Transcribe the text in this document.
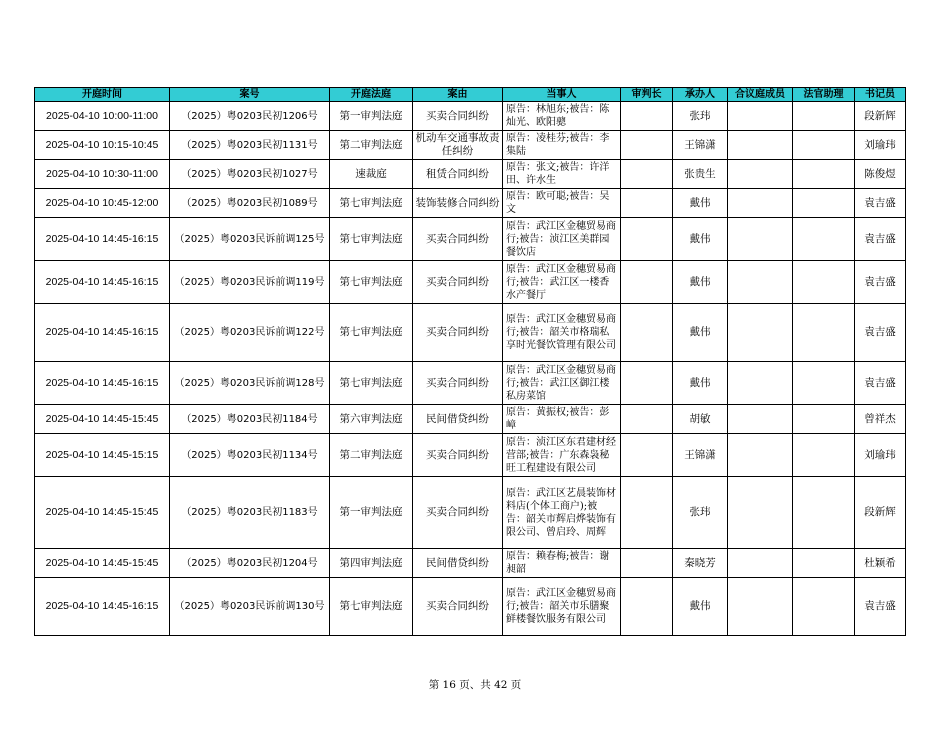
开庭时间	案号	开庭法庭	案由	当事人	审判长	承办人	合议庭成员	法官助理	书记员
2025-04-10 10:00-11:00	（2025）粤0203民初1206号	第一审判法庭	买卖合同纠纷	原告：林旭东;被告：陈灿光、欧阳骢		张玮			段新辉
2025-04-10 10:15-10:45	（2025）粤0203民初1131号	第二审判法庭	机动车交通事故责任纠纷	原告：凌桂芬;被告：李集陆		王锦潇			刘瑜玮
2025-04-10 10:30-11:00	（2025）粤0203民初1027号	速裁庭	租赁合同纠纷	原告：张文;被告：许洋田、许水生		张贵生			陈俊煜
2025-04-10 10:45-12:00	（2025）粤0203民初1089号	第七审判法庭	装饰装修合同纠纷	原告：欧可聪;被告：吴文		戴伟			袁吉盛
2025-04-10 14:45-16:15	（2025）粤0203民诉前调125号	第七审判法庭	买卖合同纠纷	原告：武江区金穗贸易商行;被告：浈江区美群园餐饮店		戴伟			袁吉盛
2025-04-10 14:45-16:15	（2025）粤0203民诉前调119号	第七审判法庭	买卖合同纠纷	原告：武江区金穗贸易商行;被告：武江区一楼香水产餐厅		戴伟			袁吉盛
2025-04-10 14:45-16:15	（2025）粤0203民诉前调122号	第七审判法庭	买卖合同纠纷	原告：武江区金穗贸易商行;被告：韶关市格瑞私享时光餐饮管理有限公司		戴伟			袁吉盛
2025-04-10 14:45-16:15	（2025）粤0203民诉前调128号	第七审判法庭	买卖合同纠纷	原告：武江区金穗贸易商行;被告：武江区御江楼私房菜馆		戴伟			袁吉盛
2025-04-10 14:45-15:45	（2025）粤0203民初1184号	第六审判法庭	民间借贷纠纷	原告：黄振权;被告：彭嶂		胡敏			曾祥杰
2025-04-10 14:45-15:15	（2025）粤0203民初1134号	第二审判法庭	买卖合同纠纷	原告：浈江区东君建材经营部;被告：广东森袅秘旺工程建设有限公司		王锦潇			刘瑜玮
2025-04-10 14:45-15:45	（2025）粤0203民初1183号	第一审判法庭	买卖合同纠纷	原告：武江区艺晨装饰材料店(个体工商户);被告：韶关市辉启烨装饰有限公司、曾启玲、周辉		张玮			段新辉
2025-04-10 14:45-15:45	（2025）粤0203民初1204号	第四审判法庭	民间借贷纠纷	原告：赖春梅;被告：谢昶韶		秦晓芳			杜颖希
2025-04-10 14:45-16:15	（2025）粤0203民诉前调130号	第七审判法庭	买卖合同纠纷	原告：武江区金穗贸易商行;被告：韶关市乐膳聚鲜楼餐饮服务有限公司		戴伟			袁吉盛
第 16 页、共 42 页
